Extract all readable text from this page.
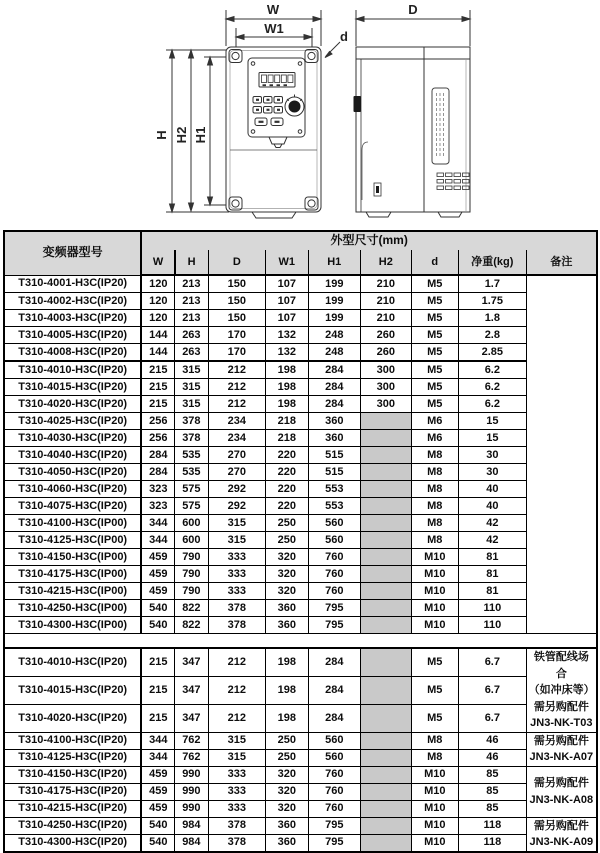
W
W1
d
H H2 H1
D
变频器型号	外型尺寸(mm)								
	W	H	D	W1	H1	H2	d	净重(kg)	备注
T310-4001-H3C(IP20)	120	213	150	107	199	210	M5	1.7	
T310-4002-H3C(IP20)	120	213	150	107	199	210	M5	1.75	
T310-4003-H3C(IP20)	120	213	150	107	199	210	M5	1.8	
T310-4005-H3C(IP20)	144	263	170	132	248	260	M5	2.8	
T310-4008-H3C(IP20)	144	263	170	132	248	260	M5	2.85	
T310-4010-H3C(IP20)	215	315	212	198	284	300	M5	6.2	
T310-4015-H3C(IP20)	215	315	212	198	284	300	M5	6.2	
T310-4020-H3C(IP20)	215	315	212	198	284	300	M5	6.2	
T310-4025-H3C(IP20)	256	378	234	218	360		M6	15	
T310-4030-H3C(IP20)	256	378	234	218	360		M6	15	
T310-4040-H3C(IP20)	284	535	270	220	515		M8	30	
T310-4050-H3C(IP20)	284	535	270	220	515		M8	30	
T310-4060-H3C(IP20)	323	575	292	220	553		M8	40	
T310-4075-H3C(IP20)	323	575	292	220	553		M8	40	
T310-4100-H3C(IP00)	344	600	315	250	560		M8	42	
T310-4125-H3C(IP00)	344	600	315	250	560		M8	42	
T310-4150-H3C(IP00)	459	790	333	320	760		M10	81	
T310-4175-H3C(IP00)	459	790	333	320	760		M10	81	
T310-4215-H3C(IP00)	459	790	333	320	760		M10	81	
T310-4250-H3C(IP00)	540	822	378	360	795		M10	110	
T310-4300-H3C(IP00)	540	822	378	360	795		M10	110	

T310-4010-H3C(IP20)	215	347	212	198	284		M5	6.7	铁管配线场合
（如冲床等）
需另购配件
JN3-NK-T03

T310-4015-H3C(IP20)	215	347	212	198	284		M5	6.7	
T310-4020-H3C(IP20)	215	347	212	198	284		M5	6.7	
T310-4100-H3C(IP20)	344	762	315	250	560		M8	46	需另购配件
JN3-NK-A07

T310-4125-H3C(IP20)	344	762	315	250	560		M8	46	
T310-4150-H3C(IP20)	459	990	333	320	760		M10	85	需另购配件
JN3-NK-A08

T310-4175-H3C(IP20)	459	990	333	320	760		M10	85	
T310-4215-H3C(IP20)	459	990	333	320	760		M10	85	
T310-4250-H3C(IP20)	540	984	378	360	795		M10	118	需另购配件
JN3-NK-A09

T310-4300-H3C(IP20)	540	984	378	360	795		M10	118	
